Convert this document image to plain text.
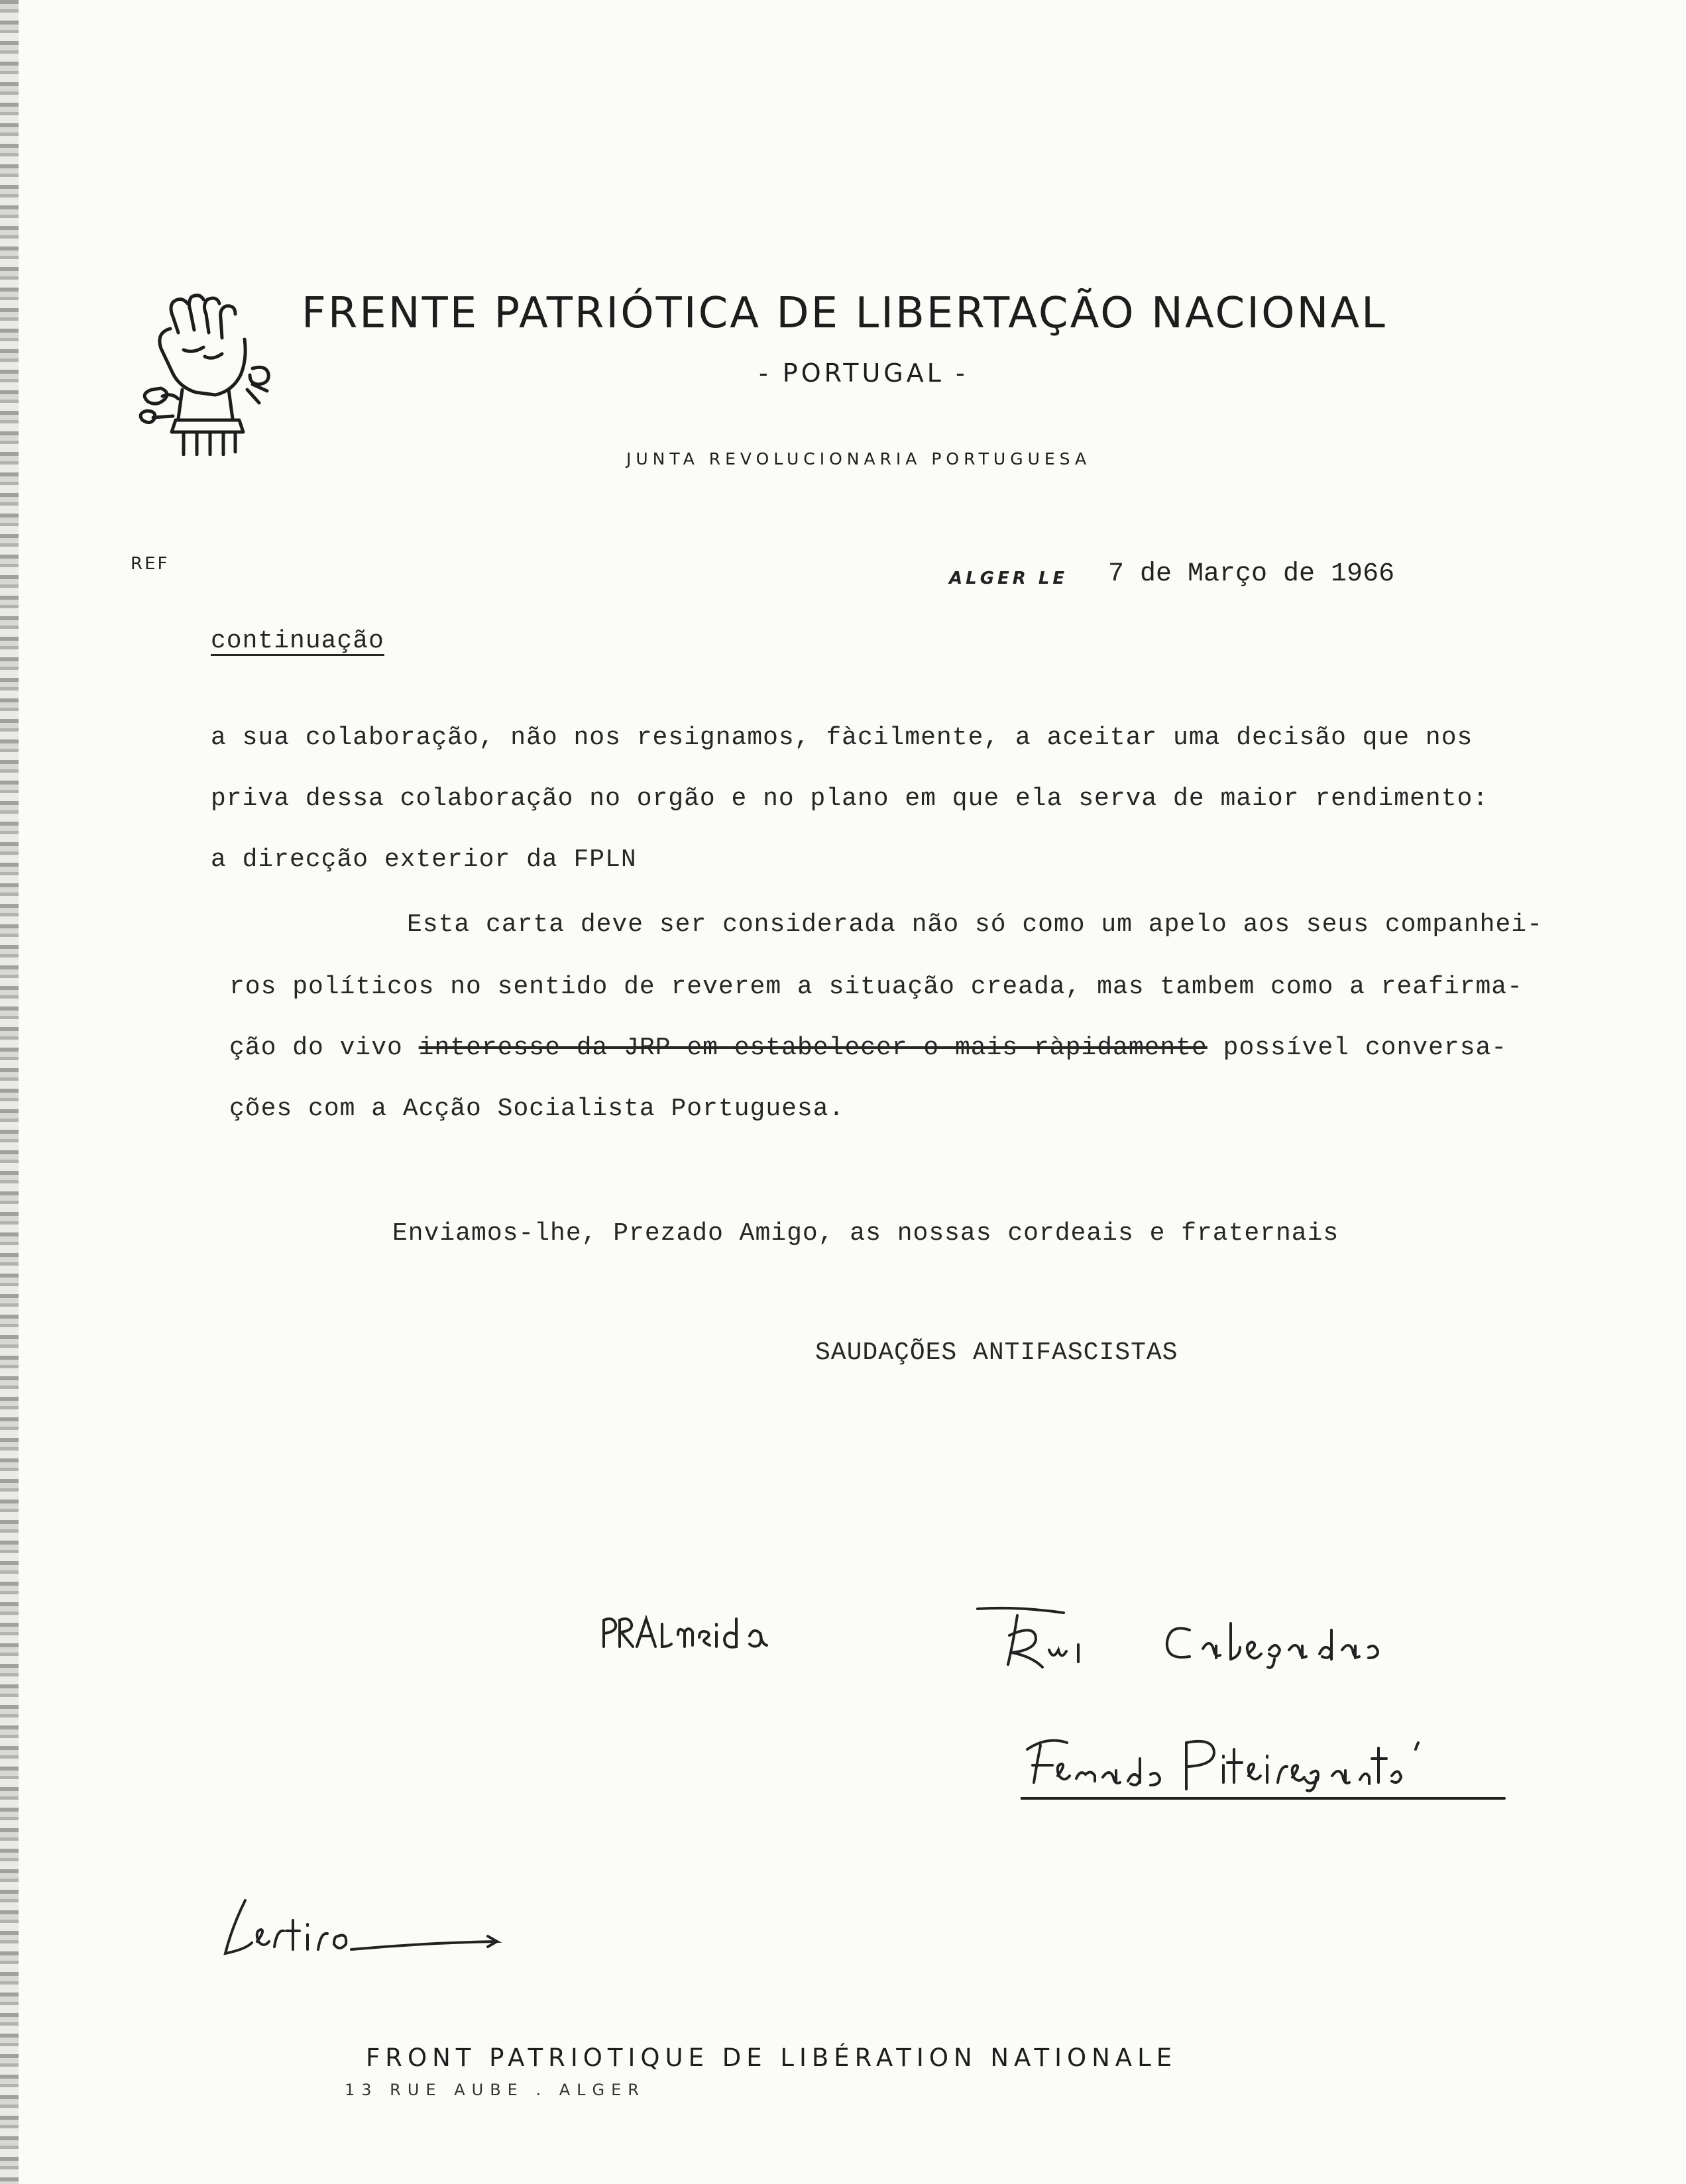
FRENTE PATRIÓTICA DE LIBERTAÇÃO NACIONAL
- PORTUGAL -
JUNTA REVOLUCIONARIA PORTUGUESA
REF
ALGER LE 7 de Março de 1966
continuação
a sua colaboração, não nos resignamos, fàcilmente, a aceitar uma decisão que nos
priva dessa colaboração no orgão e no plano em que ela serva de maior rendimento:
a direcção exterior da FPLN
Esta carta deve ser considerada não só como um apelo aos seus companhei-
ros políticos no sentido de reverem a situação creada, mas tambem como a reafirma-
ção do vivo interesse da JRP em estabelecer o mais ràpidamente possível conversa-
ções com a Acção Socialista Portuguesa.
Enviamos-lhe, Prezado Amigo, as nossas cordeais e fraternais
SAUDAÇÕES ANTIFASCISTAS
FRONT PATRIOTIQUE DE LIBÉRATION NATIONALE
13 RUE AUBE . ALGER
